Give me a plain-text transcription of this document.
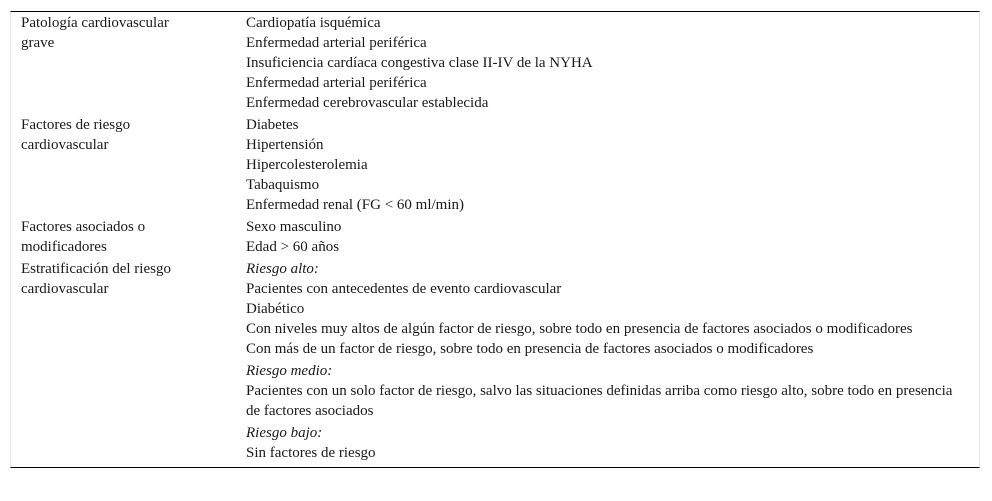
Patología cardiovascular grave
Cardiopatía isquémica
Enfermedad arterial periférica
Insuficiencia cardíaca congestiva clase II-IV de la NYHA
Enfermedad arterial periférica
Enfermedad cerebrovascular establecida
Factores de riesgo cardiovascular
Diabetes
Hipertensión
Hipercolesterolemia
Tabaquismo
Enfermedad renal (FG < 60 ml/min)
Factores asociados o modificadores
Sexo masculino
Edad > 60 años
Estratificación del riesgo cardiovascular
Riesgo alto:
Pacientes con antecedentes de evento cardiovascular
Diabético
Con niveles muy altos de algún factor de riesgo, sobre todo en presencia de factores asociados o modificadores
Con más de un factor de riesgo, sobre todo en presencia de factores asociados o modificadores
Riesgo medio:
Pacientes con un solo factor de riesgo, salvo las situaciones definidas arriba como riesgo alto, sobre todo en presencia de factores asociados
Riesgo bajo:
Sin factores de riesgo
